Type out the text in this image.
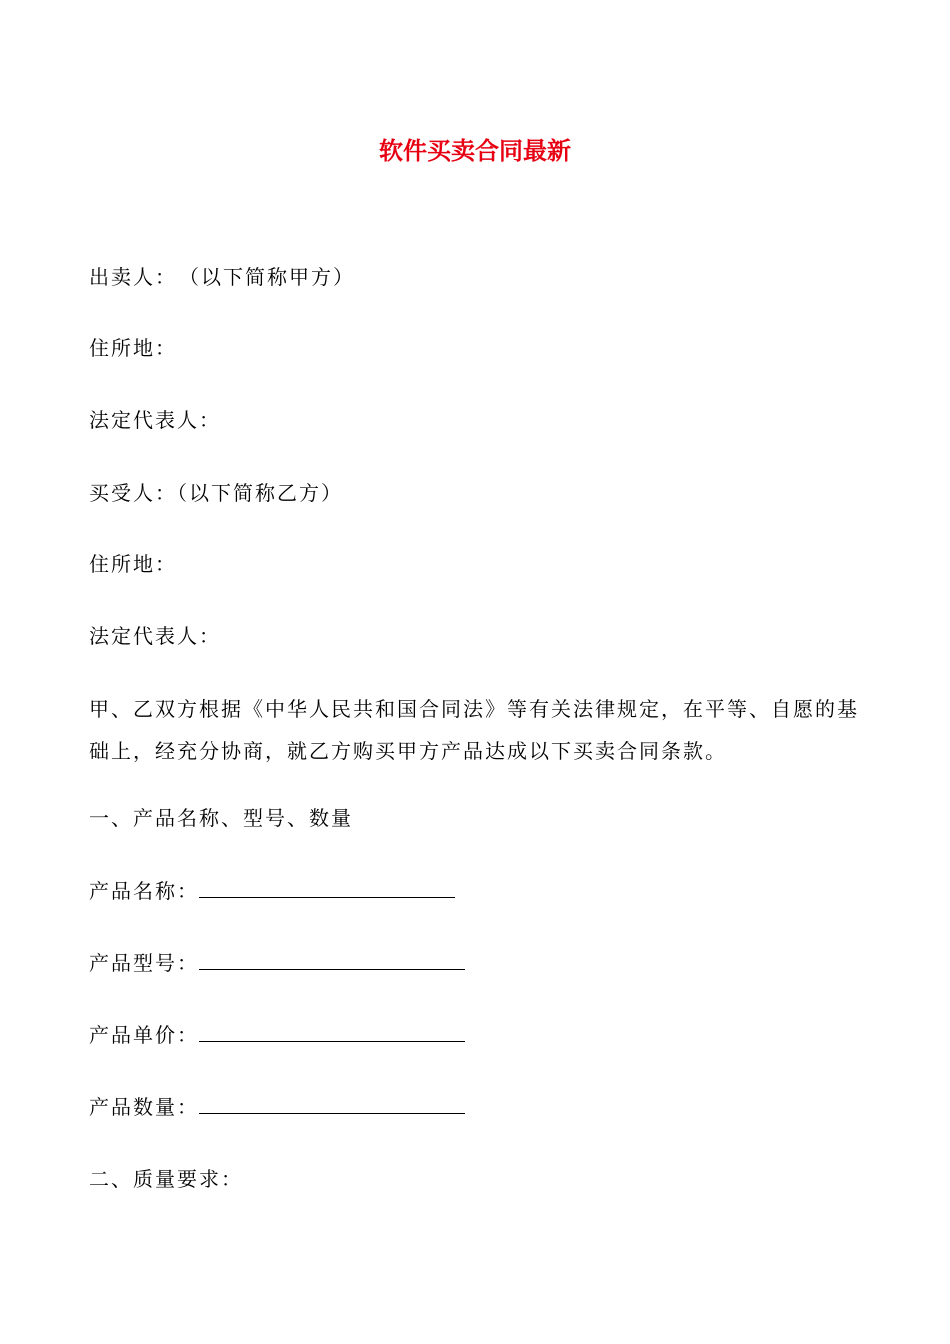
软件买卖合同最新
出卖人：　（以下简称甲方）
住所地：
法定代表人：
买受人：（以下简称乙方）
住所地：
法定代表人：
甲、乙双方根据《中华人民共和国合同法》等有关法律规定，在平等、自愿的基础上，经充分协商，就乙方购买甲方产品达成以下买卖合同条款。
一、产品名称、型号、数量
产品名称：
产品型号：
产品单价：
产品数量：
二、质量要求：
